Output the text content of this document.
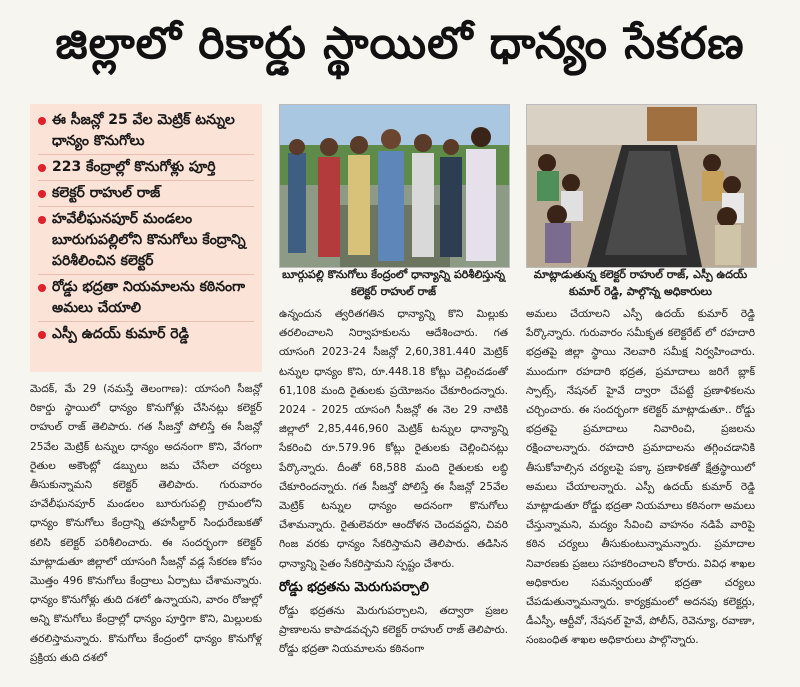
జిల్లాలో రికార్డు స్థాయిలో ధాన్యం సేకరణ
ఈ సీజన్లో 25 వేల మెట్రిక్ టన్నుల ధాన్యం కొనుగోలు
223 కేంద్రాల్లో కొనుగోళ్లు పూర్తి
కలెక్టర్ రాహుల్ రాజ్
హవేలీఘనపూర్ మండలం బూరుగుపల్లిలోని కొనుగోలు కేంద్రాన్ని పరిశీలించిన కలెక్టర్
రోడ్డు భద్రతా నియమాలను కఠినంగా అమలు చేయాలి
ఎస్పీ ఉదయ్ కుమార్ రెడ్డి
బూర్గుపల్లి కొనుగోలు కేంద్రంలో ధాన్యాన్ని పరిశీలిస్తున్న కలెక్టర్ రాహుల్ రాజ్
మాట్లాడుతున్న కలెక్టర్ రాహుల్ రాజ్, ఎస్పీ ఉదయ్ కుమార్ రెడ్డి, పాల్గొన్న అధికారులు

మెదక్, మే 29 (నమస్తే తెలంగాణ): యాసంగి సీజన్లో రికార్డు స్థాయిలో ధాన్యం కొనుగోళ్లు చేసినట్లు కలెక్టర్ రాహుల్ రాజ్ తెలిపారు. గత సీజన్తో పోలిస్తే ఈ సీజన్లో 25వేల మెట్రిక్ టన్నుల ధాన్యం అదనంగా కొని, వేగంగా రైతుల అకౌంట్లో డబ్బులు జమ చేసేలా చర్యలు తీసుకున్నామని కలెక్టర్ తెలిపారు. గురువారం హవేలీఘనపూర్ మండలం బూరుగుపల్లి గ్రామంలోని ధాన్యం కొనుగోలు కేంద్రాన్ని తహసీల్దార్ సింధురేణుకతో కలిసి కలెక్టర్ పరిశీలించారు. ఈ సందర్భంగా కలెక్టర్ మాట్లాడుతూ జిల్లాలో యాసంగి సీజన్లో వడ్ల సేకరణ కోసం మొత్తం 496 కొనుగోలు కేంద్రాలు ఏర్పాటు చేశామన్నారు. ధాన్యం కొనుగోళ్లు తుది దశలో ఉన్నాయని, వారం రోజుల్లో అన్ని కొనుగోలు కేంద్రాల్లో ధాన్యం పూర్తిగా కొని, మిల్లులకు తరలిస్తామన్నారు. కొనుగోలు కేంద్రంలో ధాన్యం కొనుగోళ్ల ప్రక్రియ తుది దశలో

ఉన్నందున త్వరితగతిన ధాన్యాన్ని కొని మిల్లుకు తరలించాలని నిర్వాహకులను ఆదేశించారు. గత యాసంగి 2023-24 సీజన్లో 2,60,381.440 మెట్రిక్ టన్నుల ధాన్యం కొని, రూ.448.18 కోట్లు చెల్లించడంతో 61,108 మంది రైతులకు ప్రయోజనం చేకూరిందన్నారు. 2024 - 2025 యాసంగి సీజన్లో ఈ నెల 29 నాటికి జిల్లాలో 2,85,446,960 మెట్రిక్ టన్నుల ధాన్యాన్ని సేకరించి రూ.579.96 కోట్లు రైతులకు చెల్లించినట్లు పేర్కొన్నారు. దీంతో 68,588 మంది రైతులకు లబ్ధి చేకూరిందన్నారు. గత సీజన్తో పోలిస్తే ఈ సీజన్లో 25వేల మెట్రిక్ టన్నుల ధాన్యం అదనంగా కొనుగోలు చేశామన్నారు. రైతులెవరూ ఆందోళన చెందవద్దని, చివరి గింజ వరకు ధాన్యం సేకరిస్తామని తెలిపారు. తడిసిన ధాన్యాన్ని సైతం సేకరిస్తామని స్పష్టం చేశారు.

రోడ్డు భద్రతను మెరుగుపర్చాలి

రోడ్డు భద్రతను మెరుగుపర్చాలని, తద్వారా ప్రజల ప్రాణాలను కాపాడవచ్చని కలెక్టర్ రాహుల్ రాజ్ తెలిపారు. రోడ్డు భద్రతా నియమాలను కఠినంగా

అమలు చేయాలని ఎస్పీ ఉదయ్ కుమార్ రెడ్డి పేర్కొన్నారు. గురువారం సమీకృత కలెక్టరేట్ లో రహదారి భద్రతపై జిల్లా స్థాయి నెలవారి సమీక్ష నిర్వహించారు. ముందుగా రహదారి భద్రత, ప్రమాదాలు జరిగే బ్లాక్ స్పాట్స్, నేషనల్ హైవే ద్వారా చేపట్టే ప్రణాళికలను చర్చించారు. ఈ సందర్భంగా కలెక్టర్ మాట్లాడుతూ.. రోడ్డు భద్రతపై ప్రమాదాలు నివారించి, ప్రజలను రక్షించాలన్నారు. రహదారి ప్రమాదాలను తగ్గించడానికి తీసుకోవాల్సిన చర్యలపై పక్కా ప్రణాళికతో క్షేత్రస్థాయిలో అమలు చేయాలన్నారు. ఎస్పీ ఉదయ్ కుమార్ రెడ్డి మాట్లాడుతూ రోడ్డు భద్రతా నియమాలు కఠినంగా అమలు చేస్తున్నామని, మద్యం సేవించి వాహనం నడిపే వారిపై కఠిన చర్యలు తీసుకుంటున్నామన్నారు. ప్రమాదాల నివారణకు ప్రజలు సహకరించాలని కోరారు. వివిధ శాఖల అధికారుల సమన్వయంతో భద్రతా చర్యలు చేపడుతున్నామన్నారు. కార్యక్రమంలో అదనపు కలెక్టర్లు, డీఎస్పీ, ఆర్టీవో, నేషనల్ హైవే, పోలీస్, రెవెన్యూ, రవాణా, సంబంధిత శాఖల అధికారులు పాల్గొన్నారు.
